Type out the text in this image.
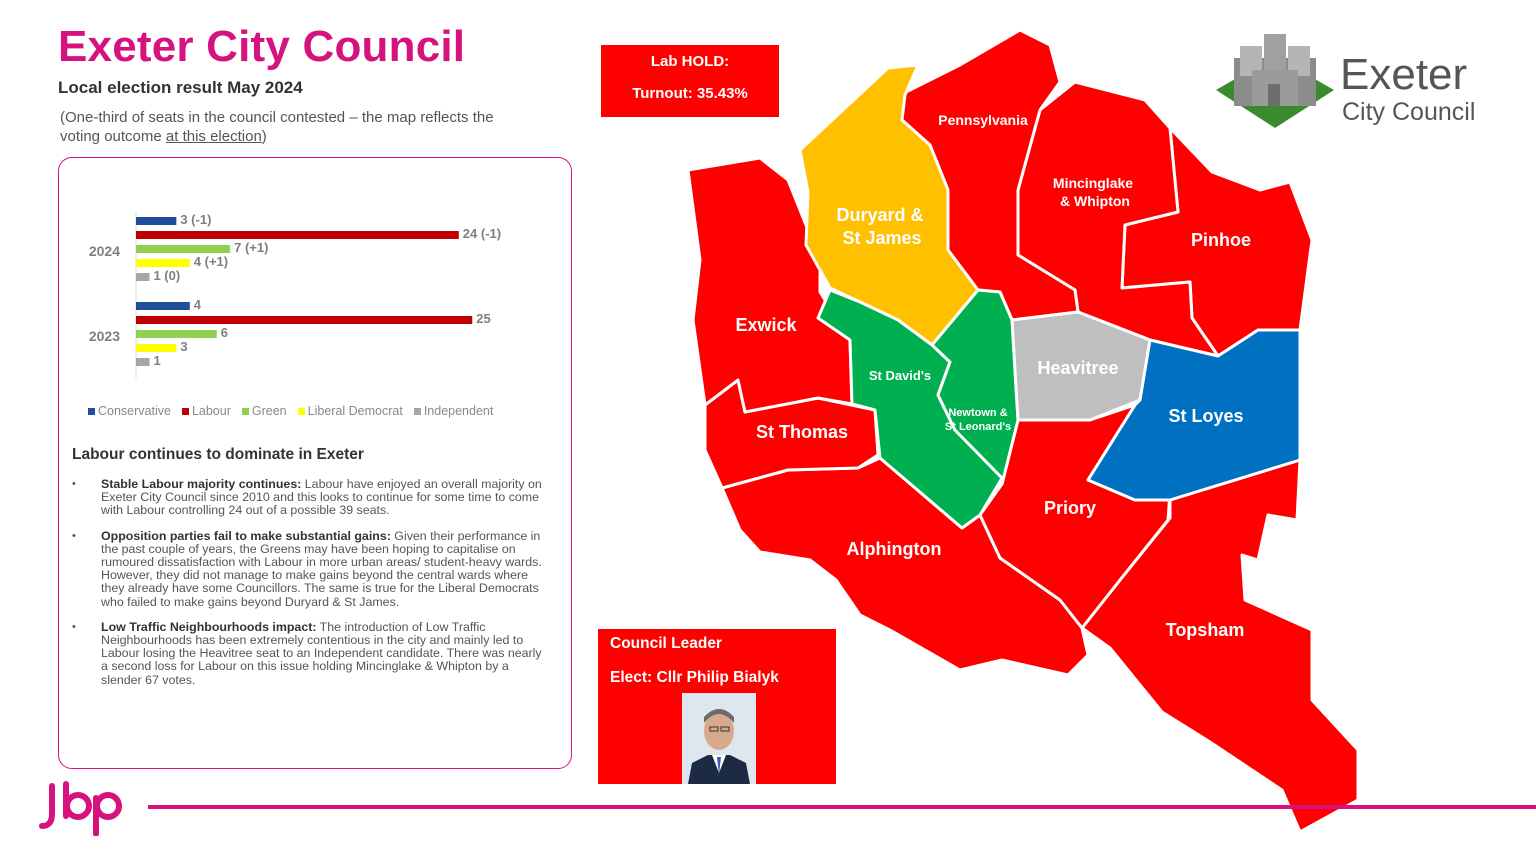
Exeter City Council
Local election result May 2024
(One-third of seats in the council contested – the map reflects the voting outcome at this election)
2024
3 (-1)
24 (-1)
7 (+1)
4 (+1)
1 (0)
2023
4
25
6
3
1
Conservative	Labour	Green	Liberal Democrat	Independent
Labour continues to dominate in Exeter
•	Stable Labour majority continues: Labour have enjoyed an overall majority on Exeter City Council since 2010 and this looks to continue for some time to come with Labour controlling 24 out of a possible 39 seats.
•	Opposition parties fail to make substantial gains: Given their performance in the past couple of years, the Greens may have been hoping to capitalise on rumoured dissatisfaction with Labour in more urban areas/ student-heavy wards. However, they did not manage to make gains beyond the central wards where they already have some Councillors. The same is true for the Liberal Democrats who failed to make gains beyond Duryard & St James.
•	Low Traffic Neighbourhoods impact: The introduction of Low Traffic Neighbourhoods has been extremely contentious in the city and mainly led to Labour losing the Heavitree seat to an Independent candidate. There was nearly a second loss for Labour on this issue holding Mincinglake & Whipton by a slender 67 votes.
Pennsylvania
Mincinglake
& Whipton
Pinhoe
Duryard &
St James
Exwick
St David's
Newtown &
St Leonard's
Heavitree
St Loyes
St Thomas
Priory
Alphington
Topsham
Lab HOLD:
Turnout: 35.43%
Council Leader
Elect: Cllr Philip Bialyk
Exeter
City Council
